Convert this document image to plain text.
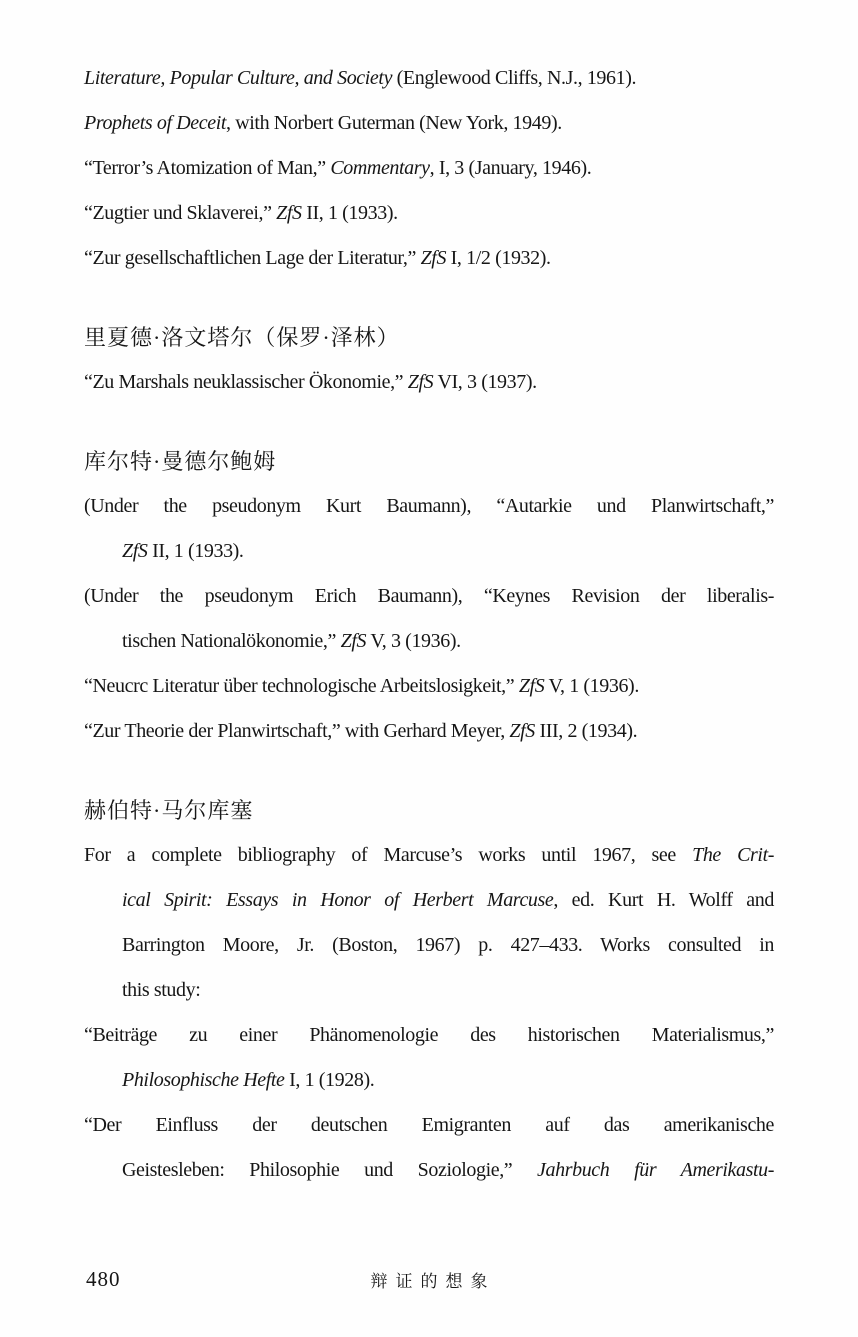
Literature, Popular Culture, and Society (Englewood Cliffs, N.J., 1961).
Prophets of Deceit, with Norbert Guterman (New York, 1949).
“Terror’s Atomization of Man,” Commentary, I, 3 (January, 1946).
“Zugtier und Sklaverei,” ZfS II, 1 (1933).
“Zur gesellschaftlichen Lage der Literatur,” ZfS I, 1/2 (1932).
里夏德·洛文塔尔（保罗·泽林）
“Zu Marshals neuklassischer Ökonomie,” ZfS VI, 3 (1937).
库尔特·曼德尔鲍姆
(Under the pseudonym Kurt Baumann), “Autarkie und Planwirtschaft,”
ZfS II, 1 (1933).
(Under the pseudonym Erich Baumann), “Keynes Revision der liberalis-
tischen Nationalökonomie,” ZfS V, 3 (1936).
“Neucrc Literatur über technologische Arbeitslosigkeit,” ZfS V, 1 (1936).
“Zur Theorie der Planwirtschaft,” with Gerhard Meyer, ZfS III, 2 (1934).
赫伯特·马尔库塞
For a complete bibliography of Marcuse’s works until 1967, see The Crit-
ical Spirit: Essays in Honor of Herbert Marcuse, ed. Kurt H. Wolff and
Barrington Moore, Jr. (Boston, 1967) p. 427–433. Works consulted in
this study:
“Beiträge zu einer Phänomenologie des historischen Materialismus,”
Philosophische Hefte I, 1 (1928).
“Der Einfluss der deutschen Emigranten auf das amerikanische
Geistesleben: Philosophie und Soziologie,” Jahrbuch für Amerikastu-
480	辩证的想象
